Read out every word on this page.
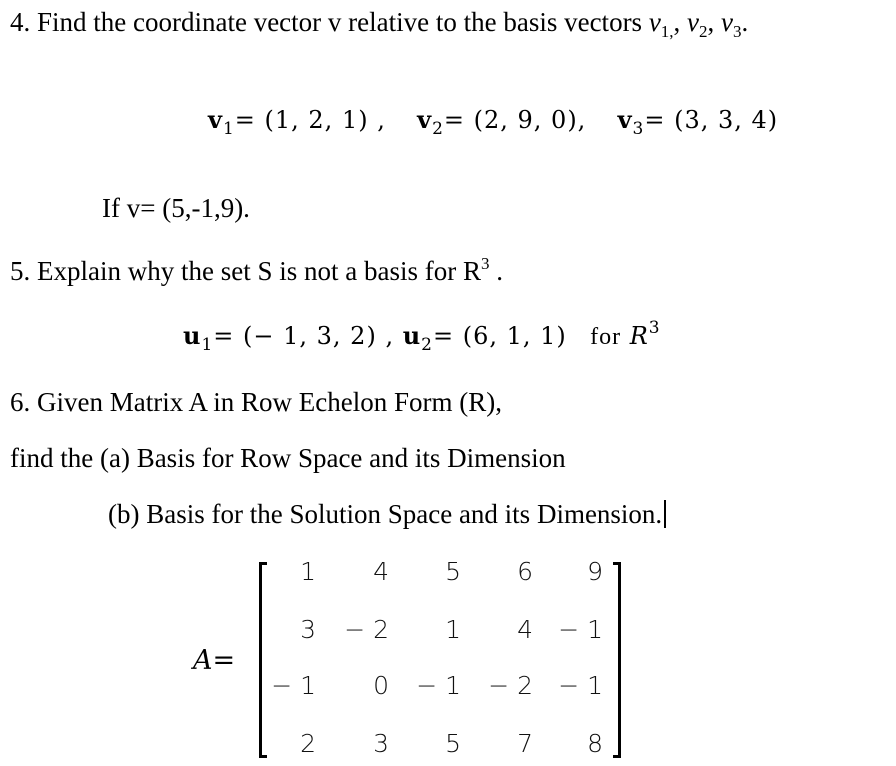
4. Find the coordinate vector v relative to the basis vectors $v_{1,}$, $v_2$, $v_3$.
$v_1= (1$, 2, 1) , $v_2= (2$, 9, 0), $v_3= (3$, 3, 4)
If v= (5,-1,9).
5. Explain why the set S is not a basis for $R^3$ .
$u_1=$ (− 1, 3, 2) , $u_2= (6$, 1, 1) for $R^3$
6. Given Matrix A in Row Echelon Form (R),
find the (a) Basis for Row Space and its Dimension
(b) Basis for the Solution Space and its Dimension.
A=
1	4	5	6	9
3	− 2	1	4	− 1
− 1	0	− 1	− 2	− 1
2	3	5	7	8
